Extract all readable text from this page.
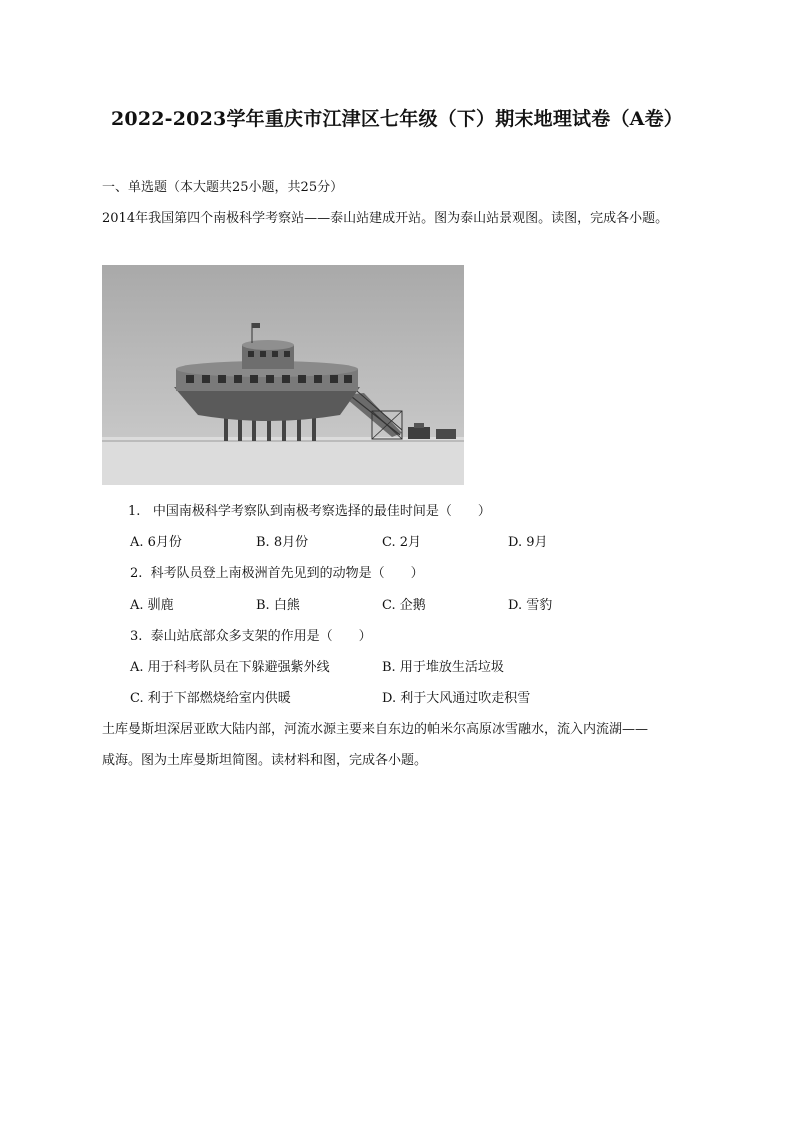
2022-2023学年重庆市江津区七年级（下）期末地理试卷（A卷）
一、单选题（本大题共25小题，共25分）
2014年我国第四个南极科学考察站——泰山站建成开站。图为泰山站景观图。读图，完成各小题。
1. 中国南极科学考察队到南极考察选择的最佳时间是（　　）
A. 6月份	B. 8月份	C. 2月	D. 9月
2. 科考队员登上南极洲首先见到的动物是（　　）
A. 驯鹿	B. 白熊	C. 企鹅	D. 雪豹
3. 泰山站底部众多支架的作用是（　　）
A. 用于科考队员在下躲避强紫外线	B. 用于堆放生活垃圾
C. 利于下部燃烧给室内供暖	D. 利于大风通过吹走积雪
土库曼斯坦深居亚欧大陆内部，河流水源主要来自东边的帕米尔高原冰雪融水，流入内流湖——
咸海。图为土库曼斯坦简图。读材料和图，完成各小题。
